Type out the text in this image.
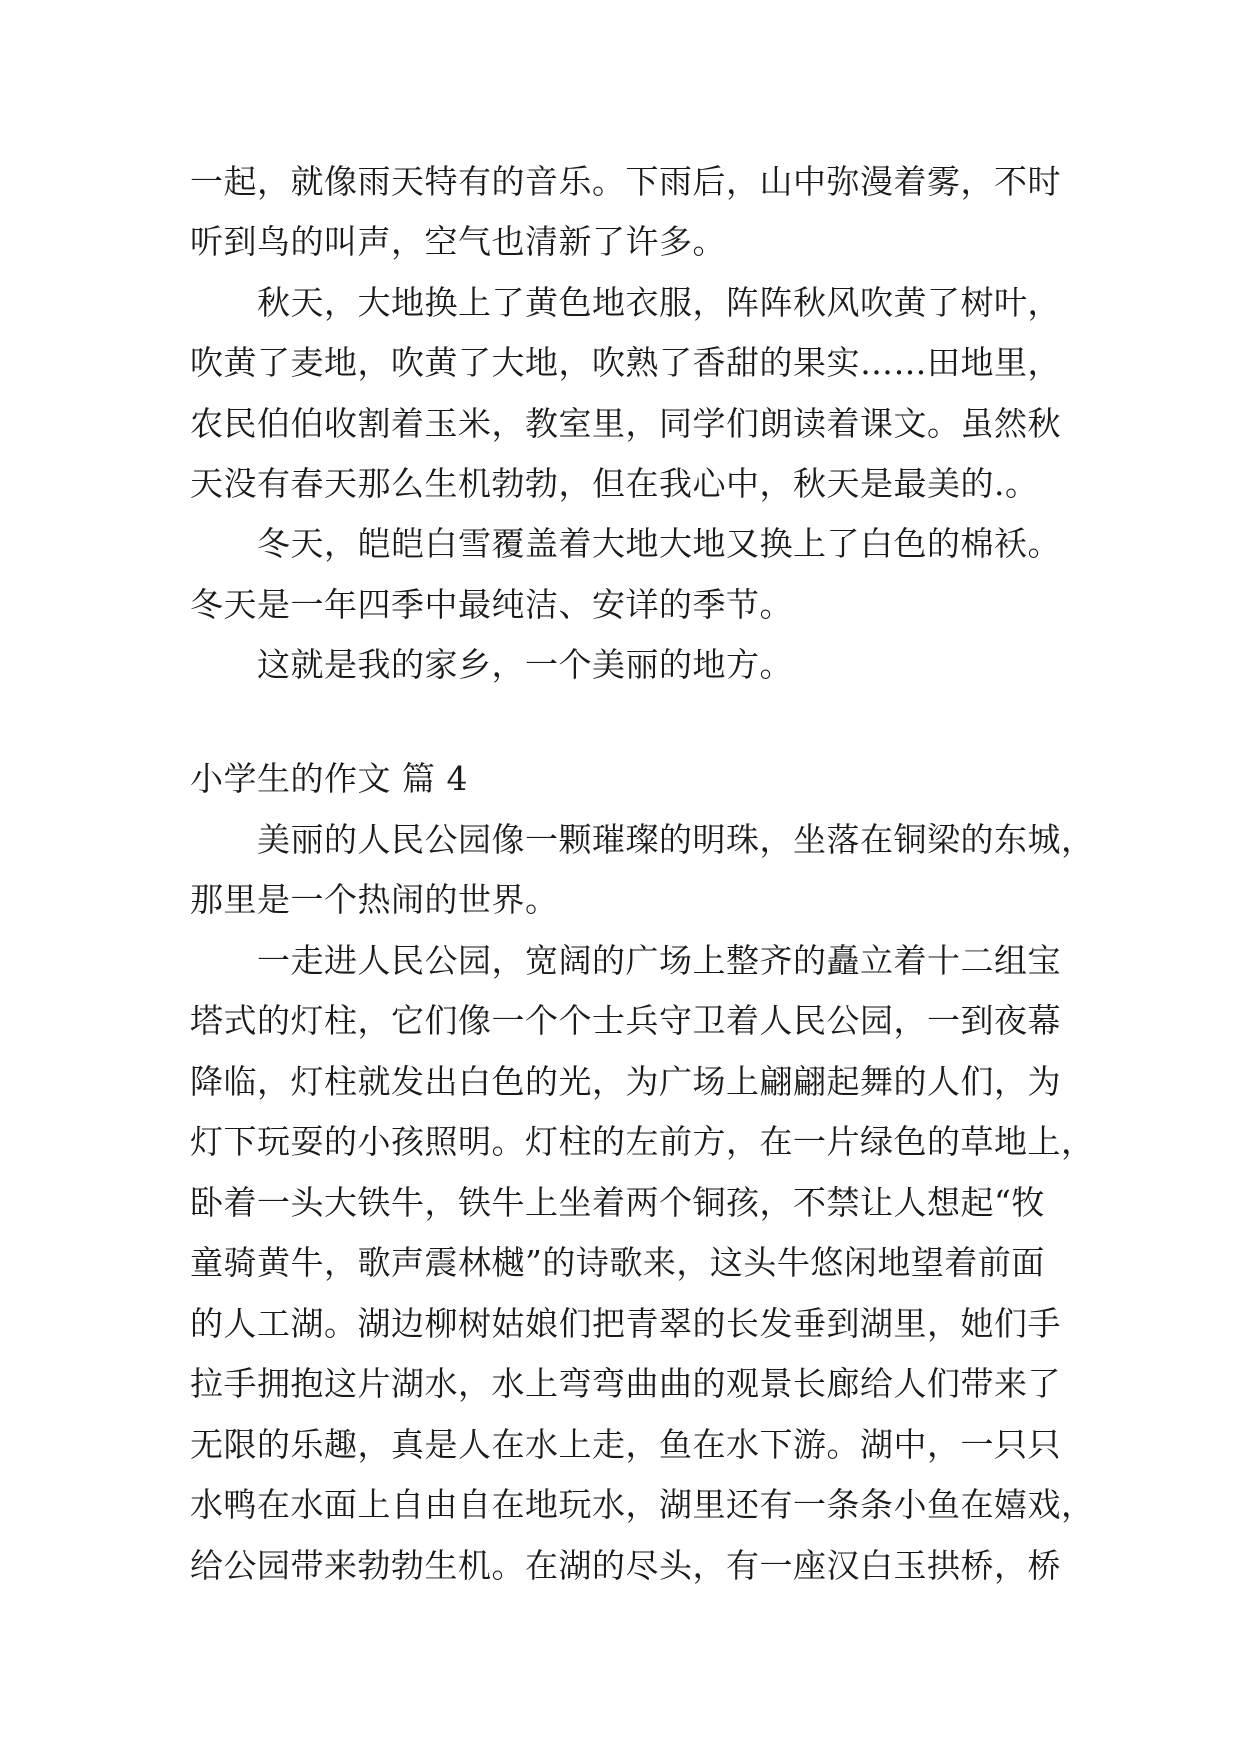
一起，就像雨天特有的音乐。下雨后，山中弥漫着雾，不时
听到鸟的叫声，空气也清新了许多。
　　秋天，大地换上了黄色地衣服，阵阵秋风吹黄了树叶，
吹黄了麦地，吹黄了大地，吹熟了香甜的果实……田地里，
农民伯伯收割着玉米，教室里，同学们朗读着课文。虽然秋
天没有春天那么生机勃勃，但在我心中，秋天是最美的.。
　　冬天，皑皑白雪覆盖着大地大地又换上了白色的棉袄。
冬天是一年四季中最纯洁、安详的季节。
　　这就是我的家乡，一个美丽的地方。
小学生的作文 篇 4
　　美丽的人民公园像一颗璀璨的明珠，坐落在铜梁的东城，
那里是一个热闹的世界。
　　一走进人民公园，宽阔的广场上整齐的矗立着十二组宝
塔式的灯柱，它们像一个个士兵守卫着人民公园，一到夜幕
降临，灯柱就发出白色的光，为广场上翩翩起舞的人们，为
灯下玩耍的小孩照明。灯柱的左前方，在一片绿色的草地上，
卧着一头大铁牛，铁牛上坐着两个铜孩，不禁让人想起“牧
童骑黄牛，歌声震林樾”的诗歌来，这头牛悠闲地望着前面
的人工湖。湖边柳树姑娘们把青翠的长发垂到湖里，她们手
拉手拥抱这片湖水，水上弯弯曲曲的观景长廊给人们带来了
无限的乐趣，真是人在水上走，鱼在水下游。湖中，一只只
水鸭在水面上自由自在地玩水，湖里还有一条条小鱼在嬉戏，
给公园带来勃勃生机。在湖的尽头，有一座汉白玉拱桥，桥
